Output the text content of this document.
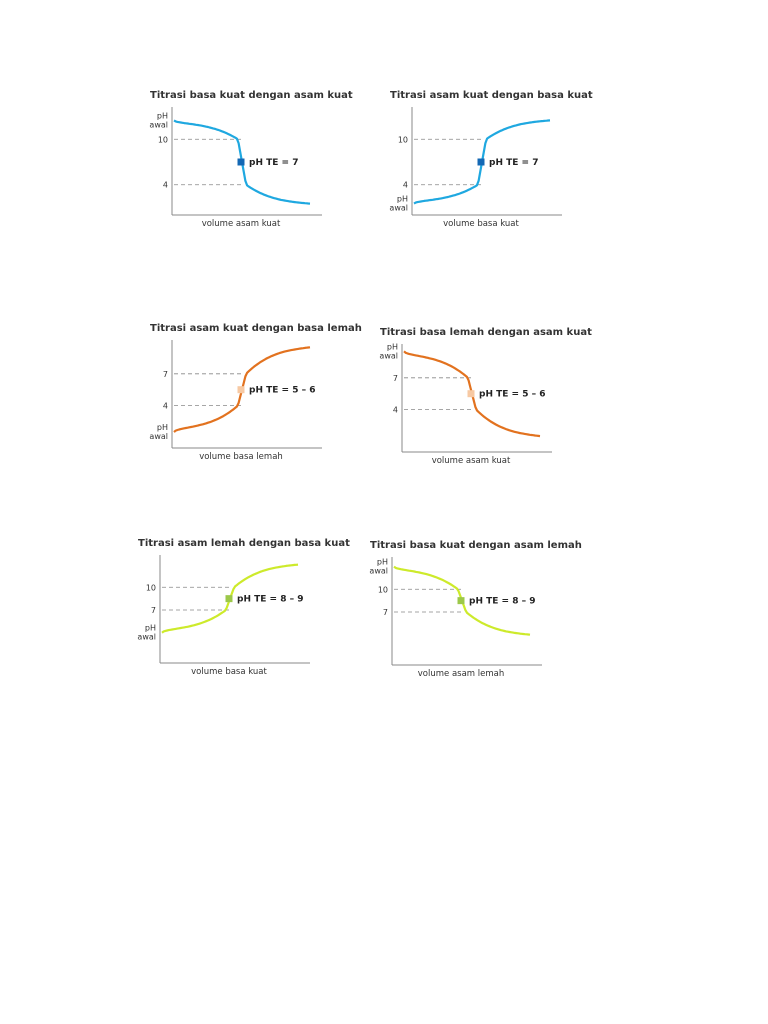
Titrasi basa kuat dengan asam kuat
volume asam kuat
10
4
pH
awal
pH TE = 7
Titrasi asam kuat dengan basa kuat
volume basa kuat
10
4
pH
awal
pH TE = 7
Titrasi asam kuat dengan basa lemah
volume basa lemah
7
4
pH
awal
pH TE = 5 – 6
Titrasi basa lemah dengan asam kuat
volume asam kuat
7
4
pH
awal
pH TE = 5 – 6
Titrasi asam lemah dengan basa kuat
volume basa kuat
10
7
pH
awal
pH TE = 8 – 9
Titrasi basa kuat dengan asam lemah
volume asam lemah
10
7
pH
awal
pH TE = 8 – 9
